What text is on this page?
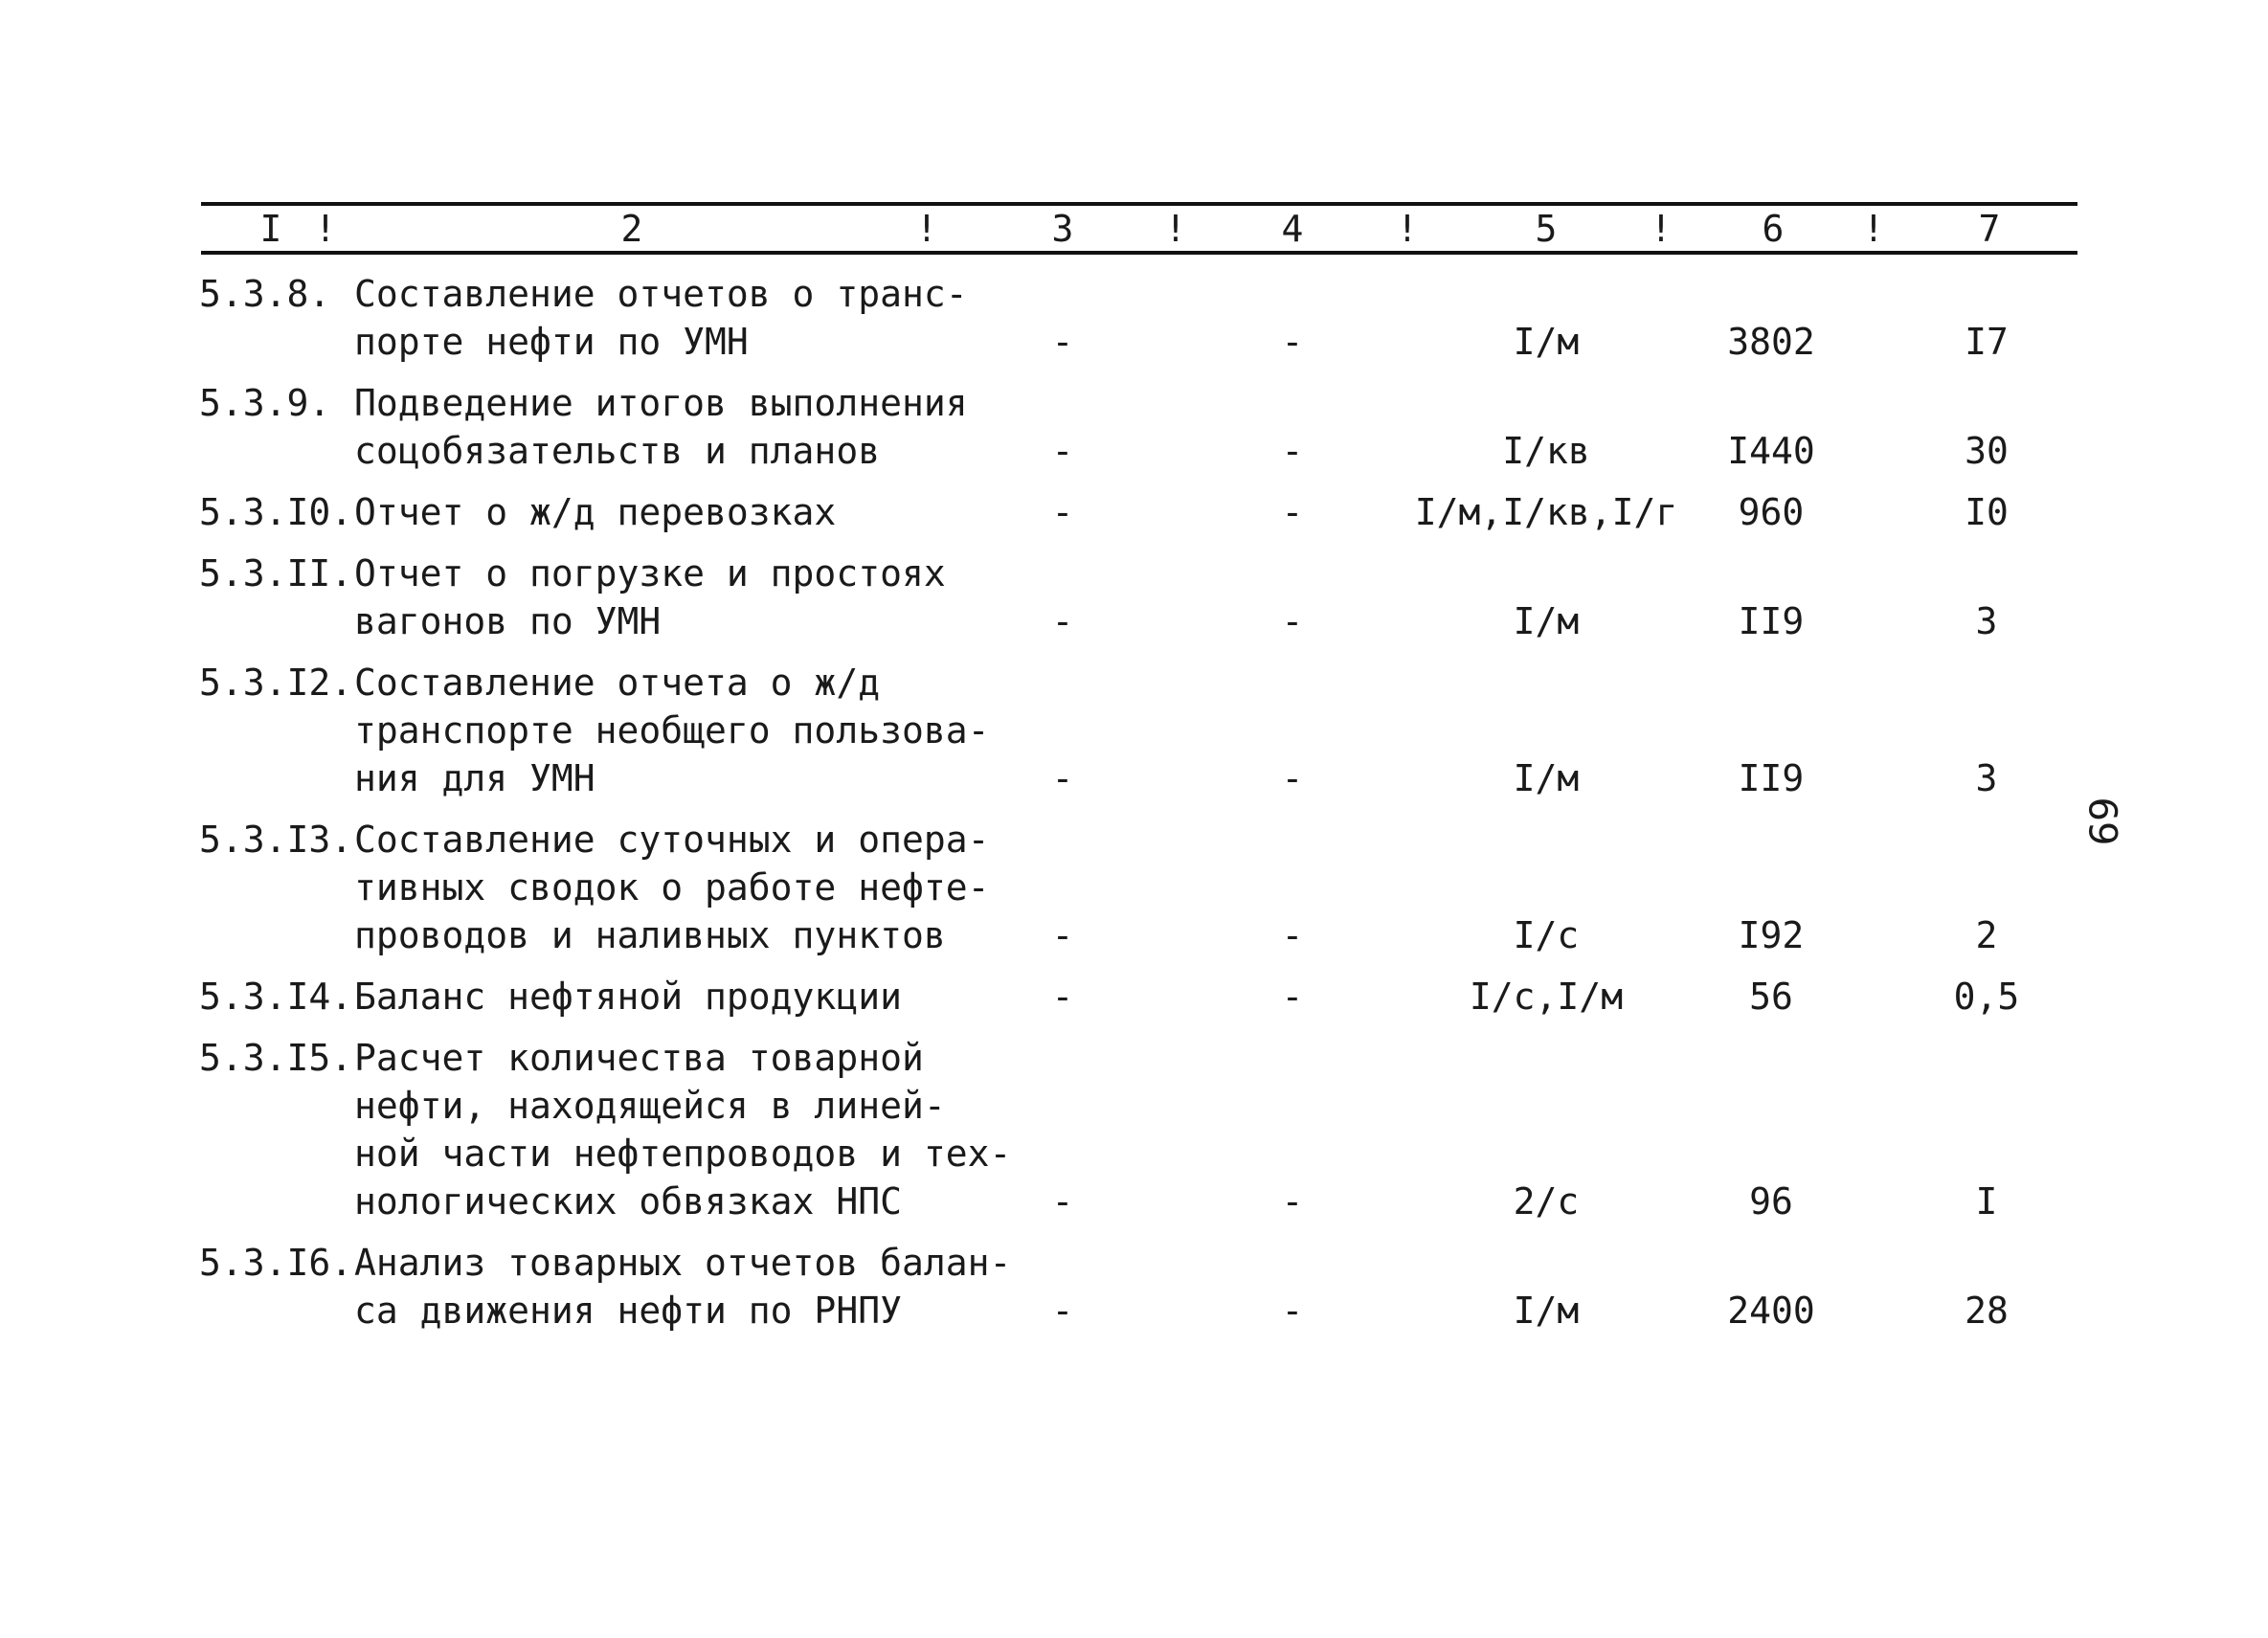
I !	2	!	3	!	4	!	5	! 6 !	7
5.3.8. Составление отчетов о транс-
порте нефти по УМН	-	-	I/м	3802	I7
5.3.9. Подведение итогов выполнения
соцобязательств и планов	-	-	I/кв	I440	30
5.3.I0. Отчет о ж/д перевозках	-	-	I/м,I/кв,I/г 960	I0
5.3.II. Отчет о погрузке и простоях
вагонов по УМН	-	-	I/м	II9	3
5.3.I2. Составление отчета о ж/д
транспорте необщего пользова-
ния для УМН	-	-	I/м	II9	3
5.3.I3. Составление суточных и опера-
тивных сводок о работе нефте-
проводов и наливных пунктов	-	-	I/с	I92	2
5.3.I4. Баланс нефтяной продукции	-	-	I/с,I/м	56	0,5
5.3.I5. Расчет количества товарной
нефти, находящейся в линей-
ной части нефтепроводов и тех-
нологических обвязках НПС	-	-	2/с	96	I
5.3.I6. Анализ товарных отчетов балан-
са движения нефти по РНПУ	-	-	I/м	2400	28
69
